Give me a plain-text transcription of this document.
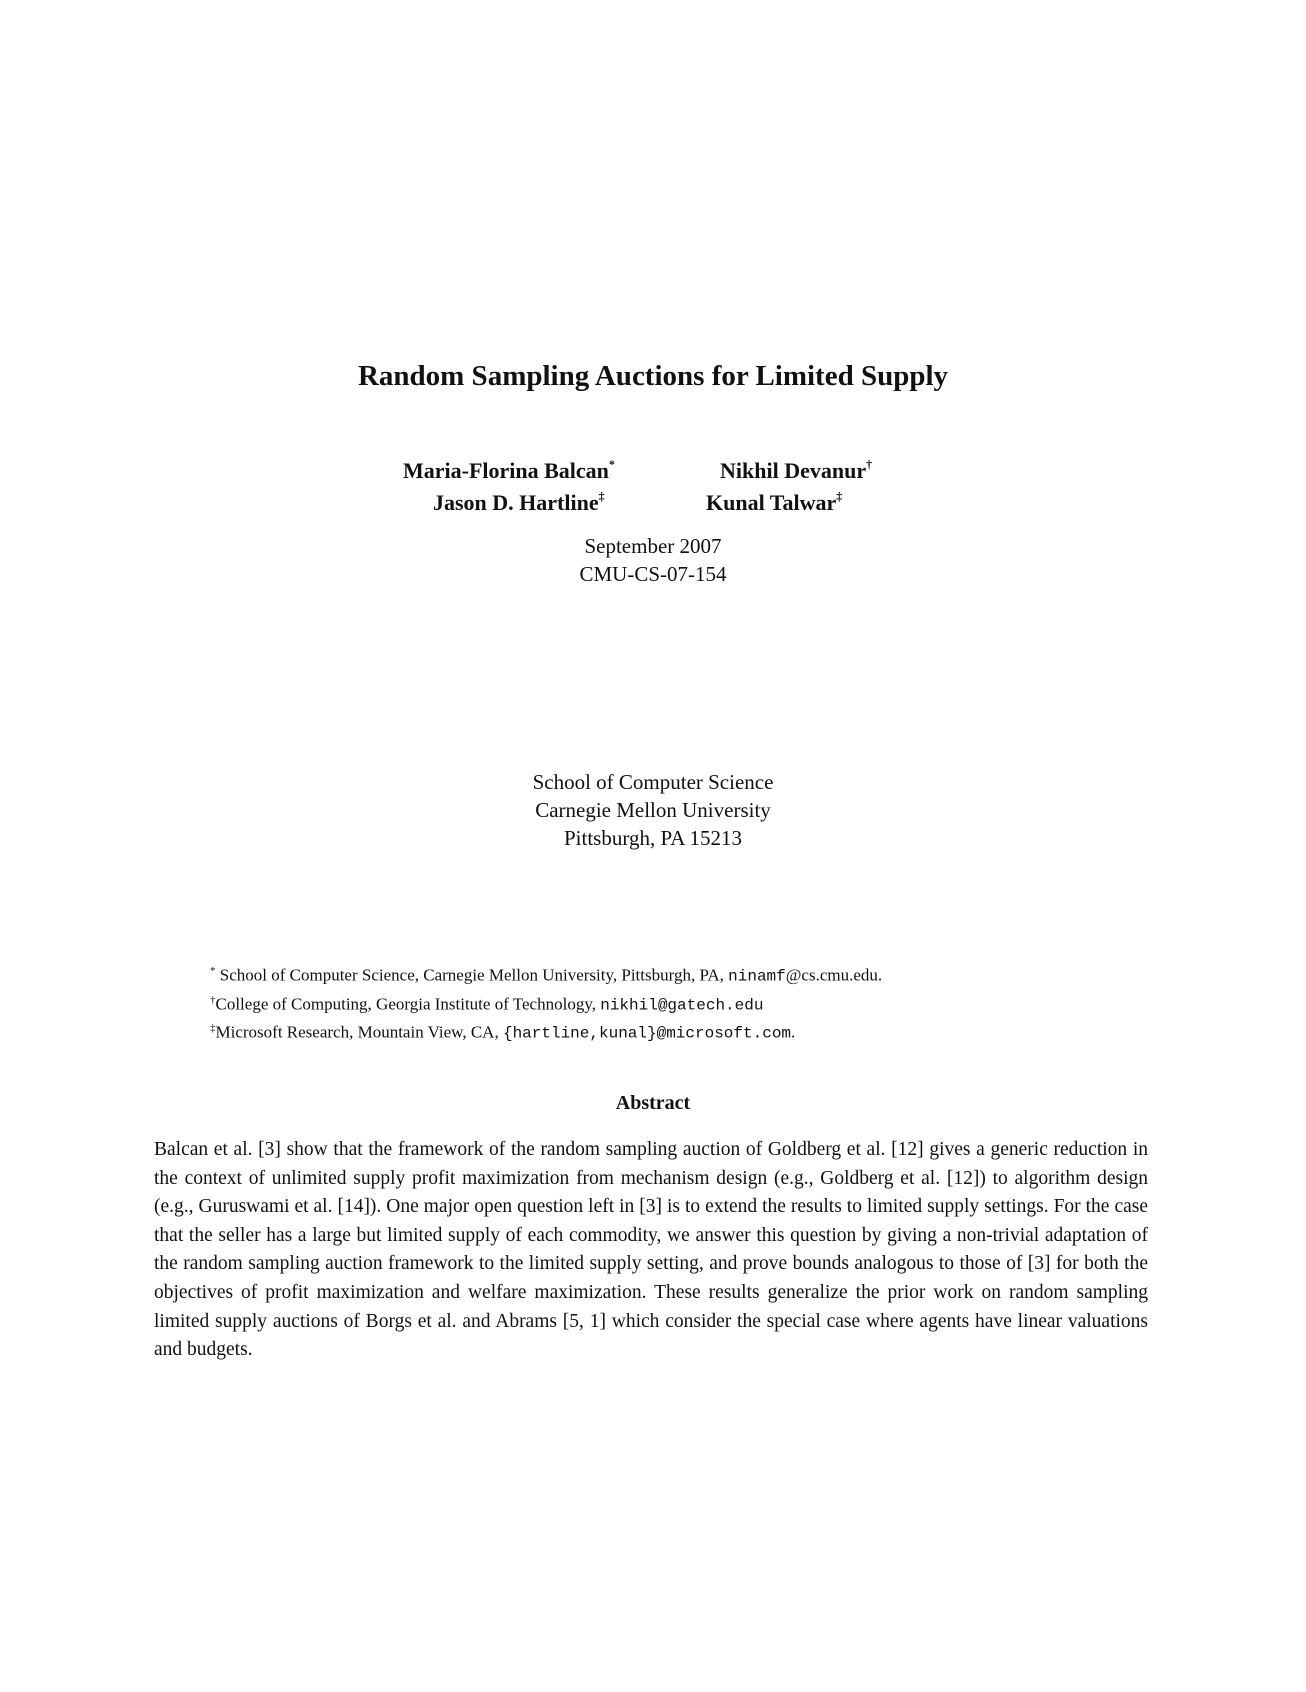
Random Sampling Auctions for Limited Supply
Maria-Florina Balcan*	Nikhil Devanur†
Jason D. Hartline‡	Kunal Talwar‡
September 2007
CMU-CS-07-154
School of Computer Science
Carnegie Mellon University
Pittsburgh, PA 15213
* School of Computer Science, Carnegie Mellon University, Pittsburgh, PA, ninamf@cs.cmu.edu.
†College of Computing, Georgia Institute of Technology, nikhil@gatech.edu
‡Microsoft Research, Mountain View, CA, {hartline,kunal}@microsoft.com.
Abstract
Balcan et al. [3] show that the framework of the random sampling auction of Goldberg et al. [12] gives a generic reduction in the context of unlimited supply profit maximization from mechanism design (e.g., Goldberg et al. [12]) to algorithm design (e.g., Guruswami et al. [14]). One major open question left in [3] is to extend the results to limited supply settings. For the case that the seller has a large but limited supply of each commodity, we answer this question by giving a non-trivial adaptation of the random sampling auction framework to the limited supply setting, and prove bounds analogous to those of [3] for both the objectives of profit maximization and welfare maximization. These results generalize the prior work on random sampling limited supply auctions of Borgs et al. and Abrams [5, 1] which consider the special case where agents have linear valuations and budgets.
